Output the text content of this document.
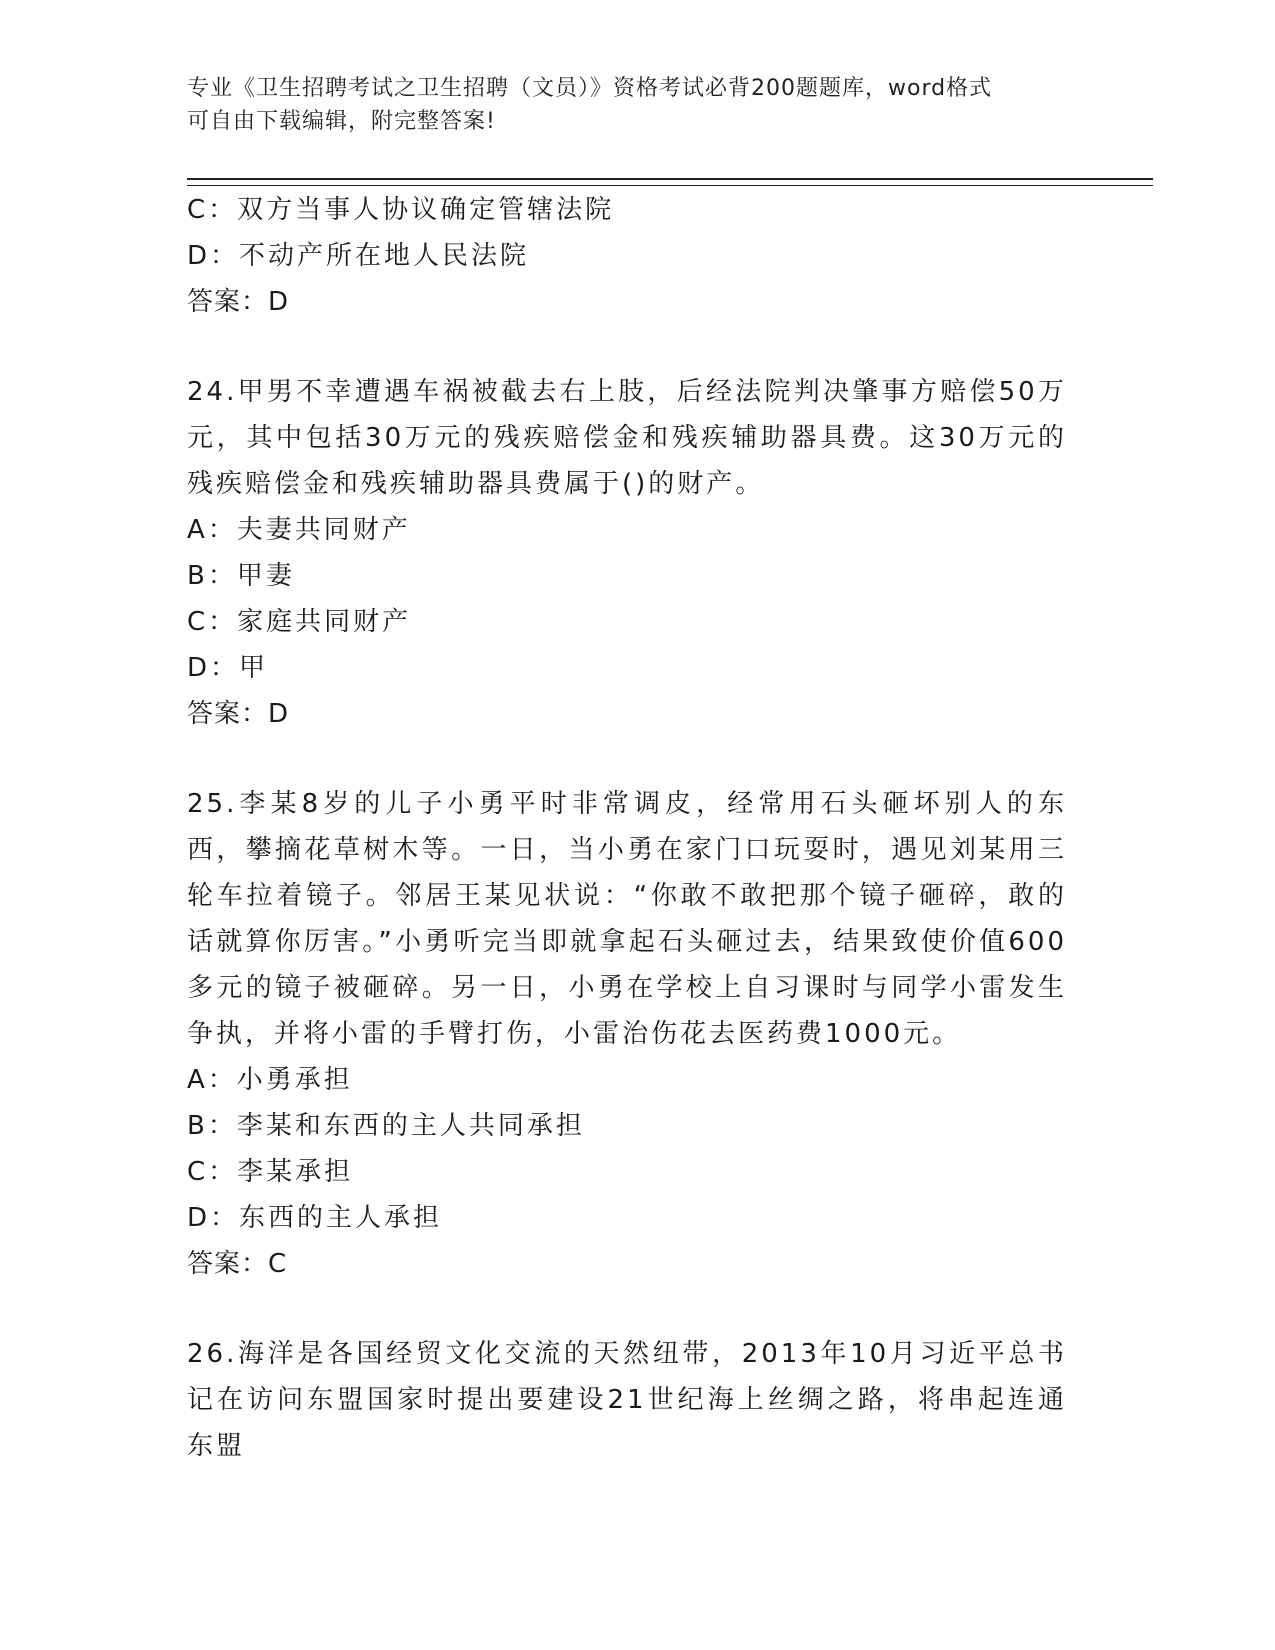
专业《卫生招聘考试之卫生招聘（文员）》资格考试必背200题题库，word格式
可自由下载编辑，附完整答案!
C：双方当事人协议确定管辖法院
D：不动产所在地人民法院
答案：D
24.甲男不幸遭遇车祸被截去右上肢，后经法院判决肇事方赔偿50万元，其中包括30万元的残疾赔偿金和残疾辅助器具费。这30万元的残疾赔偿金和残疾辅助器具费属于()的财产。
A：夫妻共同财产
B：甲妻
C：家庭共同财产
D：甲
答案：D
25.李某8岁的儿子小勇平时非常调皮，经常用石头砸坏别人的东西，攀摘花草树木等。一日，当小勇在家门口玩耍时，遇见刘某用三轮车拉着镜子。邻居王某见状说：“你敢不敢把那个镜子砸碎，敢的话就算你厉害。”小勇听完当即就拿起石头砸过去，结果致使价值600多元的镜子被砸碎。另一日，小勇在学校上自习课时与同学小雷发生争执，并将小雷的手臂打伤，小雷治伤花去医药费1000元。
A：小勇承担
B：李某和东西的主人共同承担
C：李某承担
D：东西的主人承担
答案：C
26.海洋是各国经贸文化交流的天然纽带，2013年10月习近平总书记在访问东盟国家时提出要建设21世纪海上丝绸之路，将串起连通东盟
